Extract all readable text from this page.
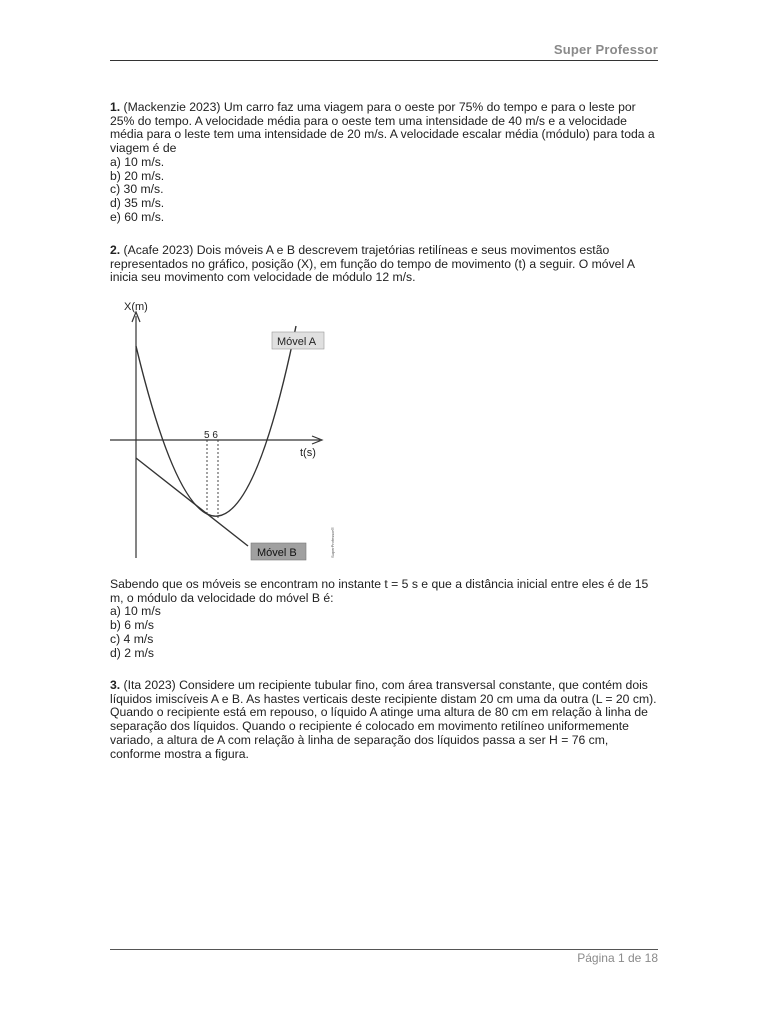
Super Professor
1. (Mackenzie 2023) Um carro faz uma viagem para o oeste por 75% do tempo e para o leste por 25% do tempo. A velocidade média para o oeste tem uma intensidade de 40 m/s e a velocidade média para o leste tem uma intensidade de 20 m/s. A velocidade escalar média (módulo) para toda a viagem é de
a) 10 m/s.
b) 20 m/s.
c) 30 m/s.
d) 35 m/s.
e) 60 m/s.
2. (Acafe 2023) Dois móveis A e B descrevem trajetórias retilíneas e seus movimentos estão representados no gráfico, posição (X), em função do tempo de movimento (t) a seguir. O móvel A inicia seu movimento com velocidade de módulo 12 m/s.
X(m)
t(s)
5 6
Móvel A
Móvel B	SuperProfessor®
Sabendo que os móveis se encontram no instante t = 5 s e que a distância inicial entre eles é de 15 m, o módulo da velocidade do móvel B é:
a) 10 m/s
b) 6 m/s
c) 4 m/s
d) 2 m/s
3. (Ita 2023) Considere um recipiente tubular fino, com área transversal constante, que contém dois líquidos imiscíveis A e B. As hastes verticais deste recipiente distam 20 cm uma da outra (L = 20 cm). Quando o recipiente está em repouso, o líquido A atinge uma altura de 80 cm em relação à linha de separação dos líquidos. Quando o recipiente é colocado em movimento retilíneo uniformemente variado, a altura de A com relação à linha de separação dos líquidos passa a ser H = 76 cm, conforme mostra a figura.
Página 1 de 18
